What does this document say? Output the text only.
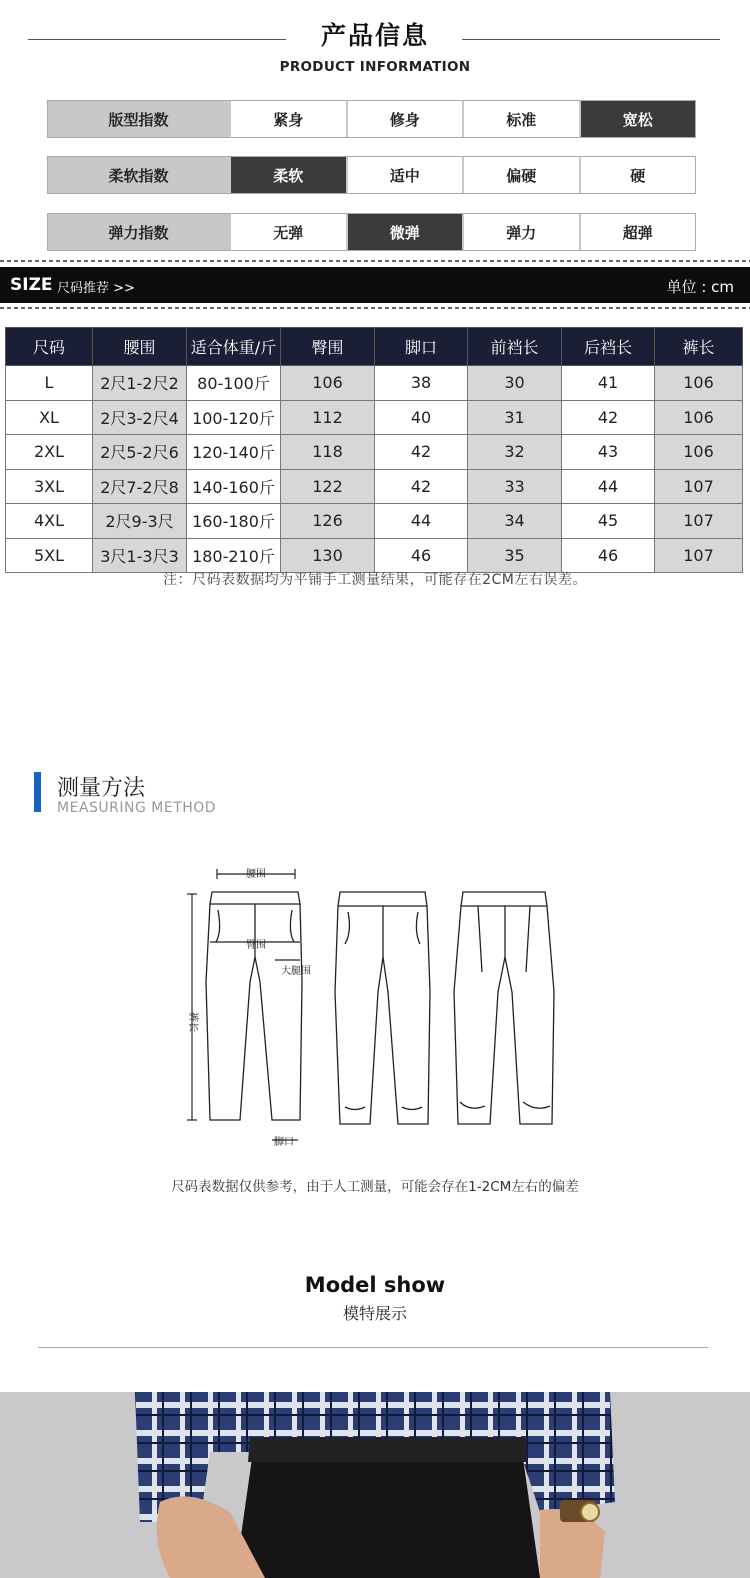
产品信息
PRODUCT INFORMATION
版型指数	紧身	修身	标准	宽松
柔软指数	柔软	适中	偏硬	硬
弹力指数	无弹	微弹	弹力	超弹
SIZE 尺码推荐 >>	单位 : cm
尺码	腰围	适合体重/斤	臀围	脚口	前裆长	后裆长	裤长
L	2尺1-2尺2	80-100斤	106	38	30	41	106
XL	2尺3-2尺4	100-120斤	112	40	31	42	106
2XL	2尺5-2尺6	120-140斤	118	42	32	43	106
3XL	2尺7-2尺8	140-160斤	122	42	33	44	107
4XL	2尺9-3尺	160-180斤	126	44	34	45	107
5XL	3尺1-3尺3	180-210斤	130	46	35	46	107
注：尺码表数据均为平铺手工测量结果，可能存在2CM左右误差。
测量方法
MEASURING METHOD
腰围
臀围
大腿围
裤长
脚口
尺码表数据仅供参考，由于人工测量，可能会存在1-2CM左右的偏差
Model show
模特展示
